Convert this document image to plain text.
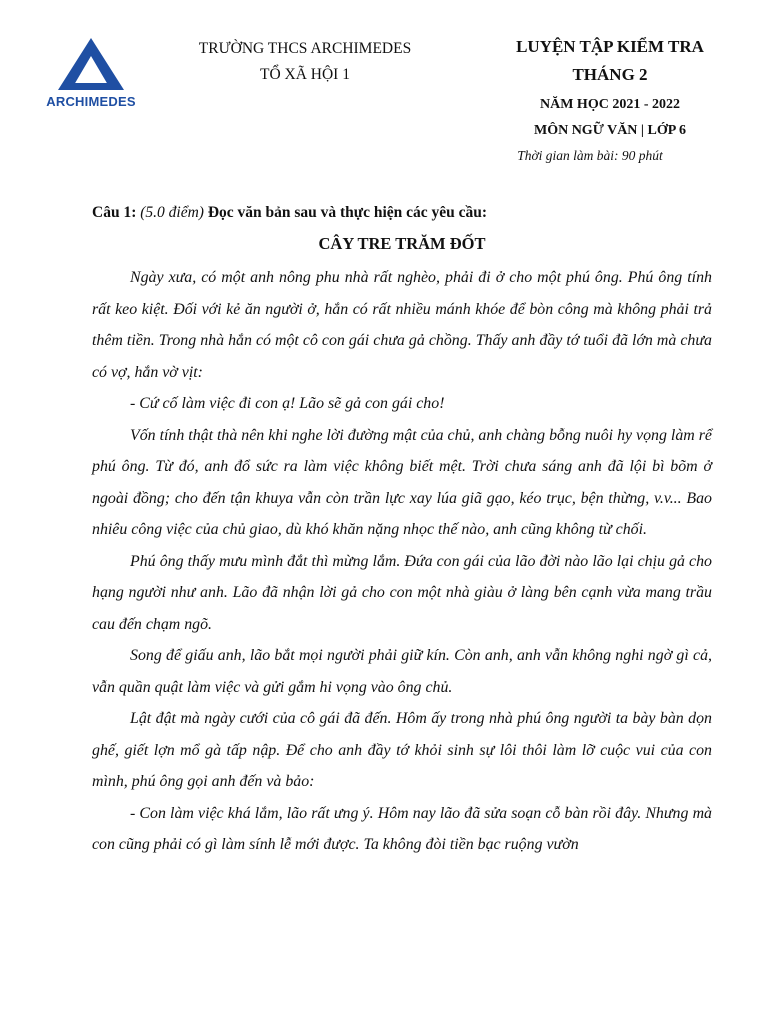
ARCHIMEDES
TRƯỜNG THCS ARCHIMEDES
TỔ XÃ HỘI 1
LUYỆN TẬP KIỂM TRA
THÁNG 2
NĂM HỌC 2021 - 2022
MÔN NGỮ VĂN | LỚP 6
Thời gian làm bài: 90 phút
Câu 1: (5.0 điểm) Đọc văn bản sau và thực hiện các yêu cầu:
CÂY TRE TRĂM ĐỐT

Ngày xưa, có một anh nông phu nhà rất nghèo, phải đi ở cho một phú ông. Phú ông tính rất keo kiệt. Đối với kẻ ăn người ở, hắn có rất nhiều mánh khóe để bòn công mà không phải trả thêm tiền. Trong nhà hắn có một cô con gái chưa gả chồng. Thấy anh đầy tớ tuổi đã lớn mà chưa có vợ, hắn vờ vịt:

- Cứ cố làm việc đi con ạ! Lão sẽ gả con gái cho!

Vốn tính thật thà nên khi nghe lời đường mật của chủ, anh chàng bỗng nuôi hy vọng làm rể phú ông. Từ đó, anh đổ sức ra làm việc không biết mệt. Trời chưa sáng anh đã lội bì bõm ở ngoài đồng; cho đến tận khuya vẫn còn trần lực xay lúa giã gạo, kéo trục, bện thừng, v.v... Bao nhiêu công việc của chủ giao, dù khó khăn nặng nhọc thế nào, anh cũng không từ chối.

Phú ông thấy mưu mình đắt thì mừng lắm. Đứa con gái của lão đời nào lão lại chịu gả cho hạng người như anh. Lão đã nhận lời gả cho con một nhà giàu ở làng bên cạnh vừa mang trầu cau đến chạm ngõ.

Song để giấu anh, lão bắt mọi người phải giữ kín. Còn anh, anh vẫn không nghi ngờ gì cả, vẫn quần quật làm việc và gửi gắm hi vọng vào ông chủ.

Lật đật mà ngày cưới của cô gái đã đến. Hôm ấy trong nhà phú ông người ta bày bàn dọn ghế, giết lợn mổ gà tấp nập. Để cho anh đầy tớ khỏi sinh sự lôi thôi làm lỡ cuộc vui của con mình, phú ông gọi anh đến và bảo:

- Con làm việc khá lắm, lão rất ưng ý. Hôm nay lão đã sửa soạn cỗ bàn rồi đây. Nhưng mà con cũng phải có gì làm sính lễ mới được. Ta không đòi tiền bạc ruộng vườn
